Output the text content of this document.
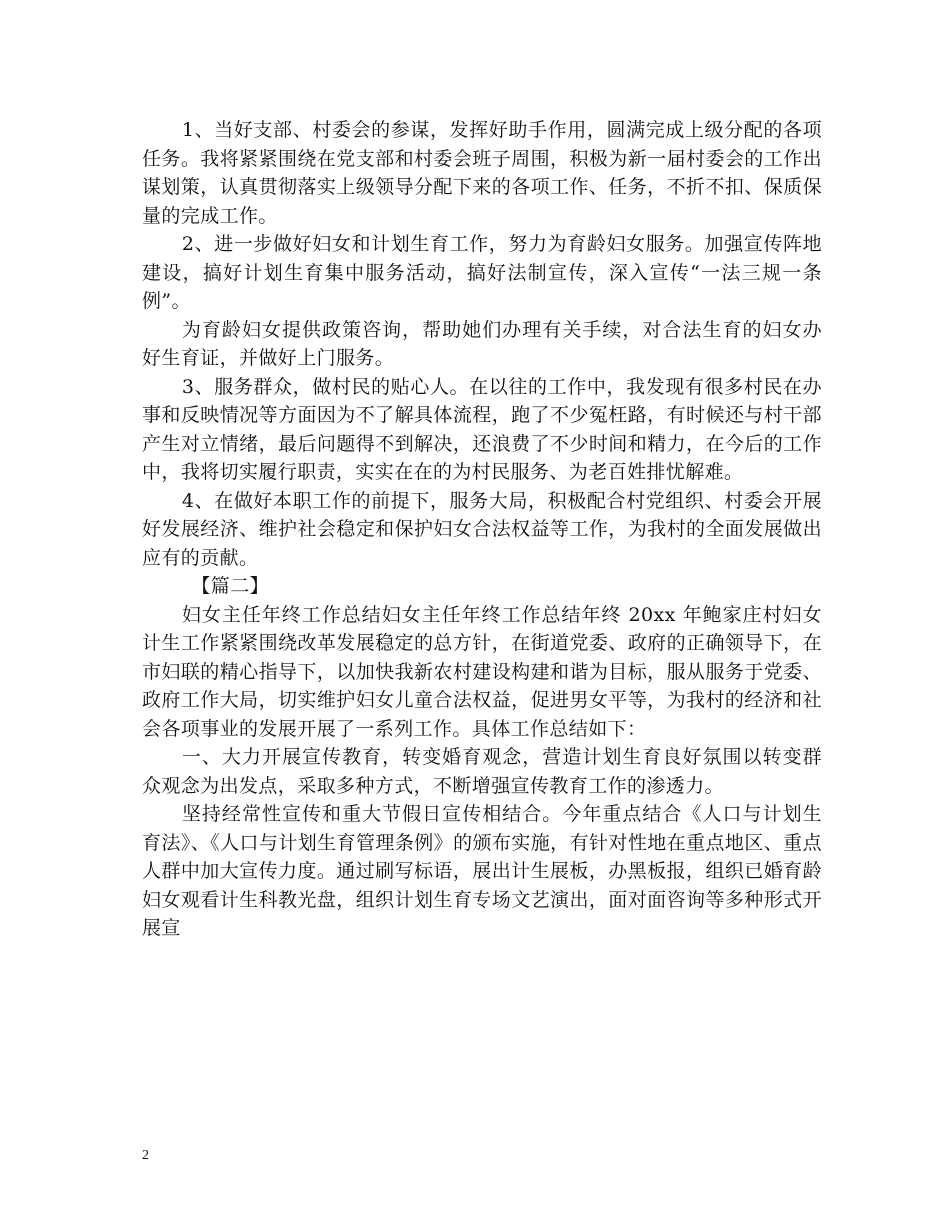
1、当好支部、村委会的参谋，发挥好助手作用，圆满完成上级分配的各项任务。我将紧紧围绕在党支部和村委会班子周围，积极为新一届村委会的工作出谋划策，认真贯彻落实上级领导分配下来的各项工作、任务，不折不扣、保质保量的完成工作。

2、进一步做好妇女和计划生育工作，努力为育龄妇女服务。加强宣传阵地建设，搞好计划生育集中服务活动，搞好法制宣传，深入宣传“一法三规一条例”。

为育龄妇女提供政策咨询，帮助她们办理有关手续，对合法生育的妇女办好生育证，并做好上门服务。

3、服务群众，做村民的贴心人。在以往的工作中，我发现有很多村民在办事和反映情况等方面因为不了解具体流程，跑了不少冤枉路，有时候还与村干部产生对立情绪，最后问题得不到解决，还浪费了不少时间和精力，在今后的工作中，我将切实履行职责，实实在在的为村民服务、为老百姓排忧解难。

4、在做好本职工作的前提下，服务大局，积极配合村党组织、村委会开展好发展经济、维护社会稳定和保护妇女合法权益等工作，为我村的全面发展做出应有的贡献。

【篇二】

妇女主任年终工作总结妇女主任年终工作总结年终 20xx 年鲍家庄村妇女计生工作紧紧围绕改革发展稳定的总方针，在街道党委、政府的正确领导下，在市妇联的精心指导下，以加快我新农村建设构建和谐为目标，服从服务于党委、政府工作大局，切实维护妇女儿童合法权益，促进男女平等，为我村的经济和社会各项事业的发展开展了一系列工作。具体工作总结如下：

一、大力开展宣传教育，转变婚育观念，营造计划生育良好氛围以转变群众观念为出发点，采取多种方式，不断增强宣传教育工作的渗透力。

坚持经常性宣传和重大节假日宣传相结合。今年重点结合《人口与计划生育法》、《人口与计划生育管理条例》的颁布实施，有针对性地在重点地区、重点人群中加大宣传力度。通过刷写标语，展出计生展板，办黑板报，组织已婚育龄妇女观看计生科教光盘，组织计划生育专场文艺演出，面对面咨询等多种形式开展宣

2
